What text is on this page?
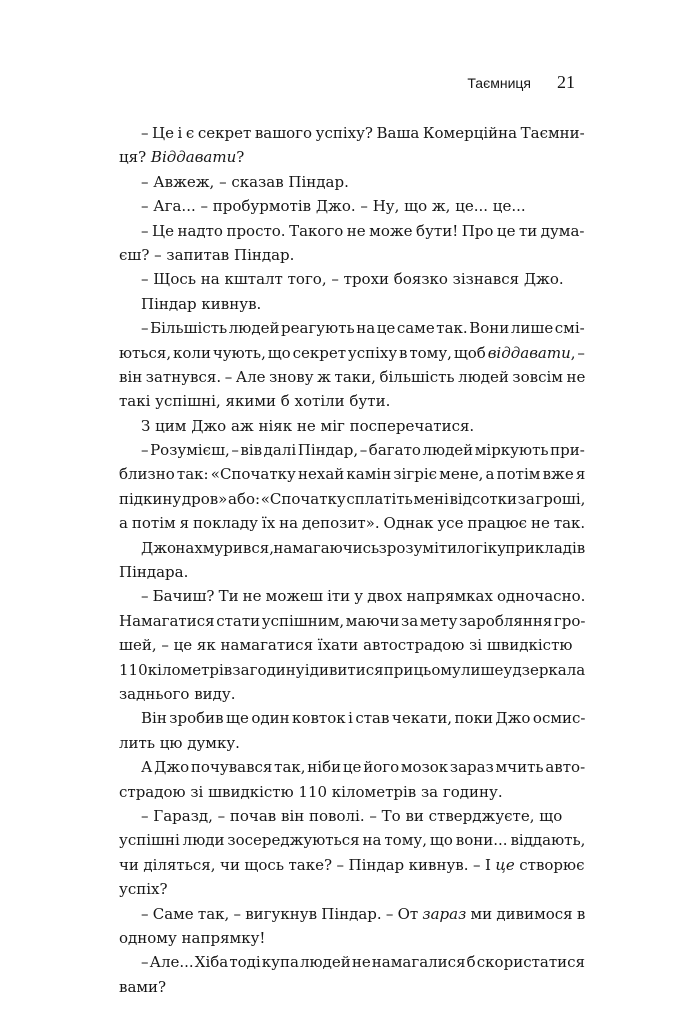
Таємниця 21
– Це і є секрет вашого успіху? Ваша Комерційна Таємни-
ця? Віддавати?
– Авжеж, – сказав Піндар.
– Ага... – пробурмотів Джо. – Ну, що ж, це... це...
– Це надто просто. Такого не може бути! Про це ти дума-
єш? – запитав Піндар.
– Щось на кшталт того, – трохи боязко зізнався Джо.
Піндар кивнув.
– Більшість людей реагують на це саме так. Вони лише смі-
ються, коли чують, що секрет успіху в тому, щоб віддавати, –
він затнувся. – Але знову ж таки, більшість людей зовсім не
такі успішні, якими б хотіли бути.
З цим Джо аж ніяк не міг посперечатися.
– Розумієш, – вів далі Піндар, – багато людей міркують при-
близно так: «Спочатку нехай камін зігріє мене, а потім вже я
підкину дров» або: «Спочатку сплатіть мені відсотки за гроші,
а потім я покладу їх на депозит». Однак усе працює не так.
Джо нахмурився, намагаючись зрозуміти логіку прикладів
Піндара.
– Бачиш? Ти не можеш іти у двох напрямках одночасно.
Намагатися стати успішним, маючи за мету заробляння гро-
шей, – це як намагатися їхати автострадою зі швидкістю
110 кілометрів за годину і дивитися при цьому лише у дзеркала
заднього виду.
Він зробив ще один ковток і став чекати, поки Джо осмис-
лить цю думку.
А Джо почувався так, ніби це його мозок зараз мчить авто-
страдою зі швидкістю 110 кілометрів за годину.
– Гаразд, – почав він поволі. – То ви стверджуєте, що
успішні люди зосереджуються на тому, що вони... віддають,
чи діляться, чи щось таке? – Піндар кивнув. – І це створює
успіх?
– Саме так, – вигукнув Піндар. – От зараз ми дивимося в
одному напрямку!
– Але... Хіба тоді купа людей не намагалися б скористатися
вами?
